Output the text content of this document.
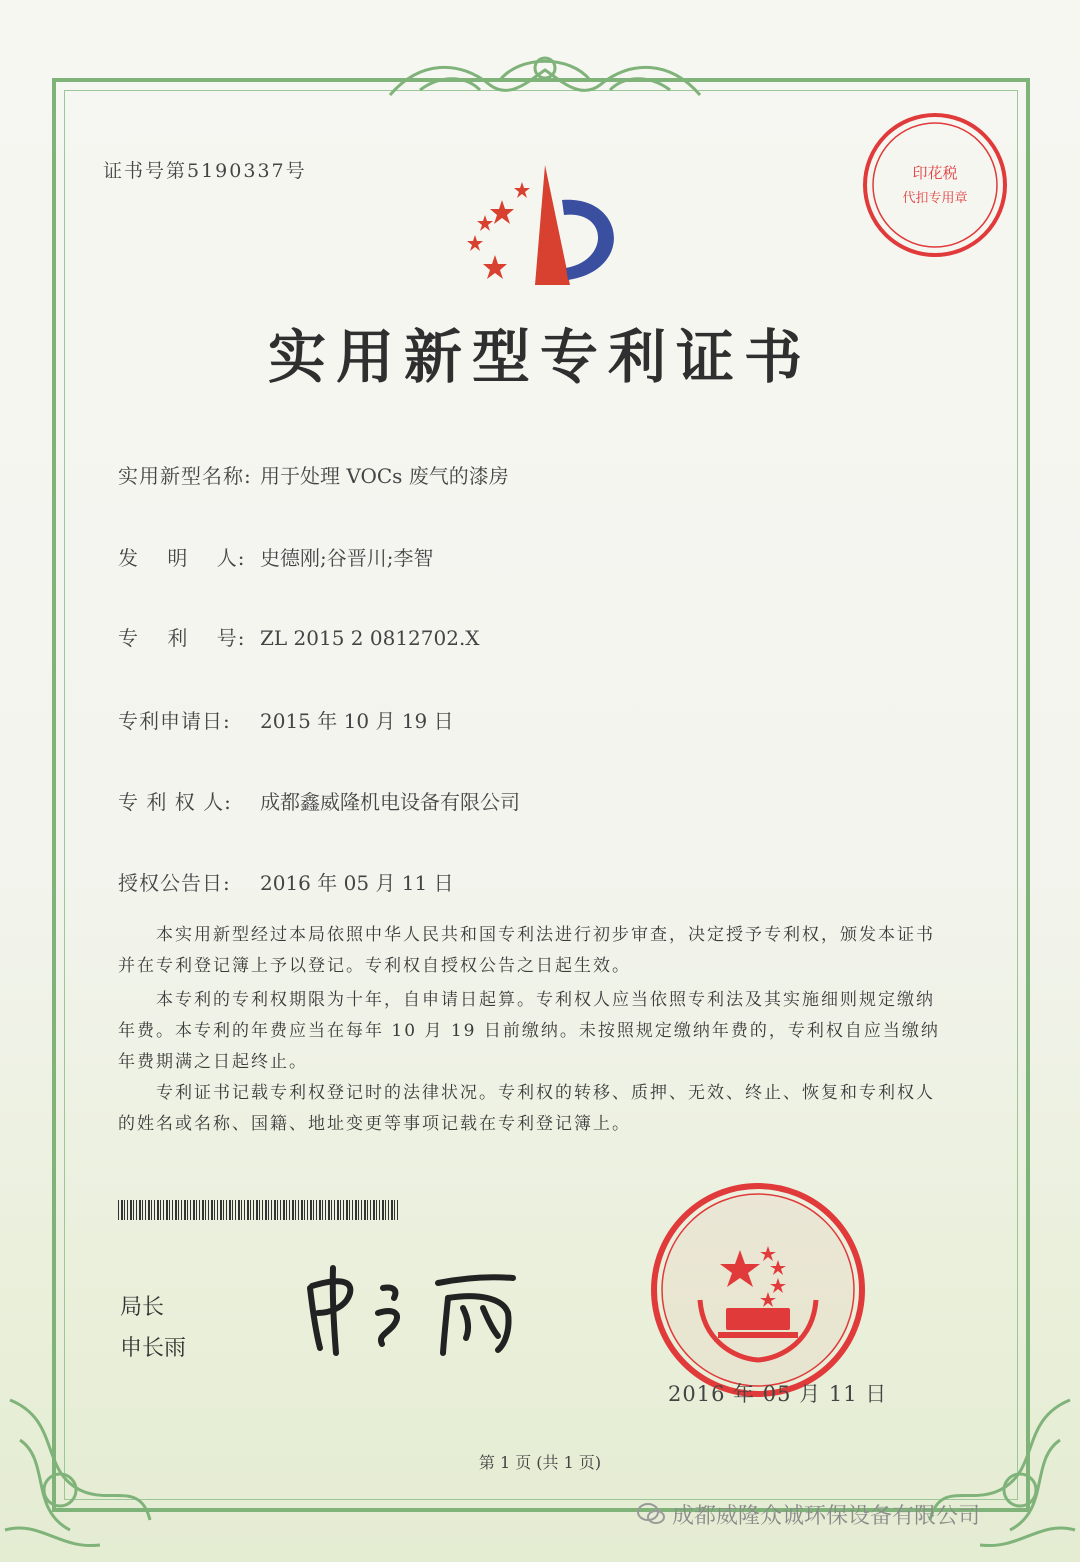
证书号第5190337号	印花税
代扣专用章
实用新型专利证书
实用新型名称: 用于处理 VOCs 废气的漆房
发　 明 　人: 史德刚;谷晋川;李智
专　 利 　号: ZL 2015 2 0812702.X
专利申请日: 2015 年 10 月 19 日
专 利 权 人: 成都鑫威隆机电设备有限公司
授权公告日: 2016 年 05 月 11 日
本实用新型经过本局依照中华人民共和国专利法进行初步审查，决定授予专利权，颁发本证书并在专利登记簿上予以登记。专利权自授权公告之日起生效。
本专利的专利权期限为十年，自申请日起算。专利权人应当依照专利法及其实施细则规定缴纳年费。本专利的年费应当在每年 10 月 19 日前缴纳。未按照规定缴纳年费的，专利权自应当缴纳年费期满之日起终止。
专利证书记载专利权登记时的法律状况。专利权的转移、质押、无效、终止、恢复和专利权人的姓名或名称、国籍、地址变更等事项记载在专利登记簿上。
局长
申长雨
2016 年 05 月 11 日
第 1 页 (共 1 页)
成都威隆众诚环保设备有限公司
